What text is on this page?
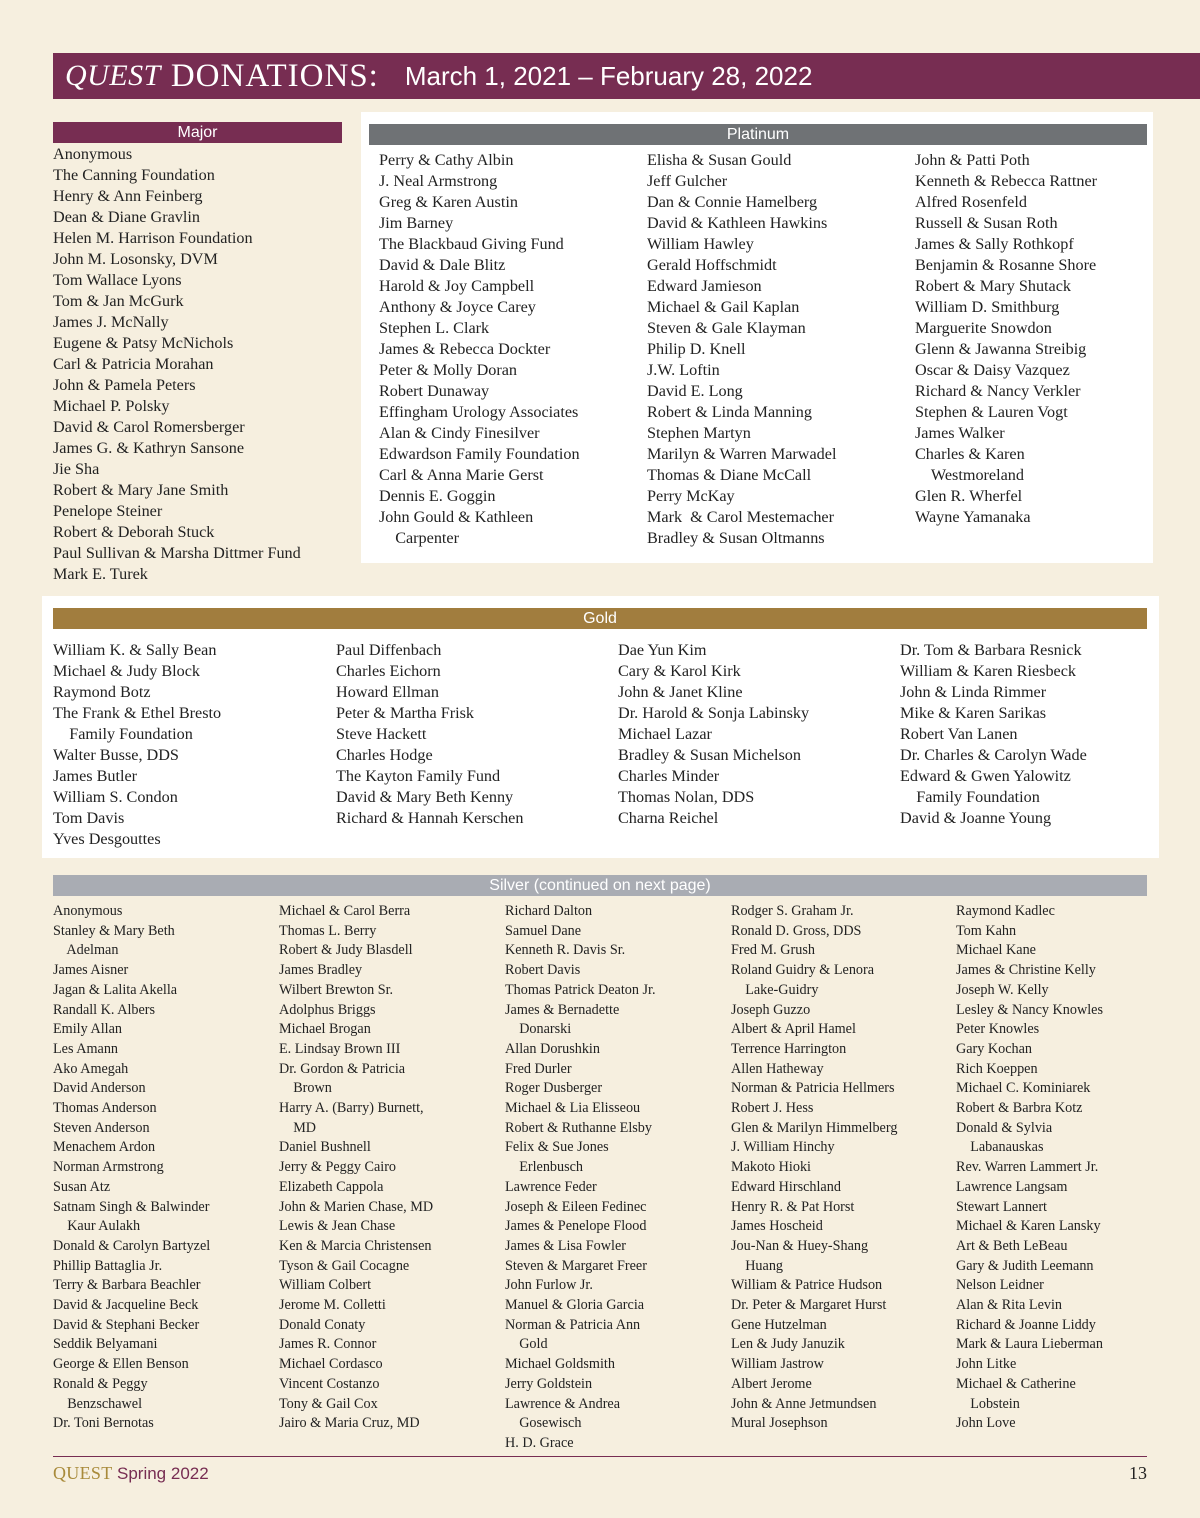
QUEST DONATIONS: March 1, 2021 – February 28, 2022
Major
Anonymous
The Canning Foundation
Henry & Ann Feinberg
Dean & Diane Gravlin
Helen M. Harrison Foundation
John M. Losonsky, DVM
Tom Wallace Lyons
Tom & Jan McGurk
James J. McNally
Eugene & Patsy McNichols
Carl & Patricia Morahan
John & Pamela Peters
Michael P. Polsky
David & Carol Romersberger
James G. & Kathryn Sansone
Jie Sha
Robert & Mary Jane Smith
Penelope Steiner
Robert & Deborah Stuck
Paul Sullivan & Marsha Dittmer Fund
Mark E. Turek
Platinum
Perry & Cathy Albin
J. Neal Armstrong
Greg & Karen Austin
Jim Barney
The Blackbaud Giving Fund
David & Dale Blitz
Harold & Joy Campbell
Anthony & Joyce Carey
Stephen L. Clark
James & Rebecca Dockter
Peter & Molly Doran
Robert Dunaway
Effingham Urology Associates
Alan & Cindy Finesilver
Edwardson Family Foundation
Carl & Anna Marie Gerst
Dennis E. Goggin
John Gould & Kathleen
Carpenter
Elisha & Susan Gould
Jeff Gulcher
Dan & Connie Hamelberg
David & Kathleen Hawkins
William Hawley
Gerald Hoffschmidt
Edward Jamieson
Michael & Gail Kaplan
Steven & Gale Klayman
Philip D. Knell
J.W. Loftin
David E. Long
Robert & Linda Manning
Stephen Martyn
Marilyn & Warren Marwadel
Thomas & Diane McCall
Perry McKay
Mark  & Carol Mestemacher
Bradley & Susan Oltmanns
John & Patti Poth
Kenneth & Rebecca Rattner
Alfred Rosenfeld
Russell & Susan Roth
James & Sally Rothkopf
Benjamin & Rosanne Shore
Robert & Mary Shutack
William D. Smithburg
Marguerite Snowdon
Glenn & Jawanna Streibig
Oscar & Daisy Vazquez
Richard & Nancy Verkler
Stephen & Lauren Vogt
James Walker
Charles & Karen
Westmoreland
Glen R. Wherfel
Wayne Yamanaka
Gold
William K. & Sally Bean
Michael & Judy Block
Raymond Botz
The Frank & Ethel Bresto
Family Foundation
Walter Busse, DDS
James Butler
William S. Condon
Tom Davis
Yves Desgouttes
Paul Diffenbach
Charles Eichorn
Howard Ellman
Peter & Martha Frisk
Steve Hackett
Charles Hodge
The Kayton Family Fund
David & Mary Beth Kenny
Richard & Hannah Kerschen
Dae Yun Kim
Cary & Karol Kirk
John & Janet Kline
Dr. Harold & Sonja Labinsky
Michael Lazar
Bradley & Susan Michelson
Charles Minder
Thomas Nolan, DDS
Charna Reichel
Dr. Tom & Barbara Resnick
William & Karen Riesbeck
John & Linda Rimmer
Mike & Karen Sarikas
Robert Van Lanen
Dr. Charles & Carolyn Wade
Edward & Gwen Yalowitz
Family Foundation
David & Joanne Young
Silver (continued on next page)
Anonymous
Stanley & Mary Beth
Adelman
James Aisner
Jagan & Lalita Akella
Randall K. Albers
Emily Allan
Les Amann
Ako Amegah
David Anderson
Thomas Anderson
Steven Anderson
Menachem Ardon
Norman Armstrong
Susan Atz
Satnam Singh & Balwinder
Kaur Aulakh
Donald & Carolyn Bartyzel
Phillip Battaglia Jr.
Terry & Barbara Beachler
David & Jacqueline Beck
David & Stephani Becker
Seddik Belyamani
George & Ellen Benson
Ronald & Peggy
Benzschawel
Dr. Toni Bernotas
Michael & Carol Berra
Thomas L. Berry
Robert & Judy Blasdell
James Bradley
Wilbert Brewton Sr.
Adolphus Briggs
Michael Brogan
E. Lindsay Brown III
Dr. Gordon & Patricia
Brown
Harry A. (Barry) Burnett,
MD
Daniel Bushnell
Jerry & Peggy Cairo
Elizabeth Cappola
John & Marien Chase, MD
Lewis & Jean Chase
Ken & Marcia Christensen
Tyson & Gail Cocagne
William Colbert
Jerome M. Colletti
Donald Conaty
James R. Connor
Michael Cordasco
Vincent Costanzo
Tony & Gail Cox
Jairo & Maria Cruz, MD
Richard Dalton
Samuel Dane
Kenneth R. Davis Sr.
Robert Davis
Thomas Patrick Deaton Jr.
James & Bernadette
Donarski
Allan Dorushkin
Fred Durler
Roger Dusberger
Michael & Lia Elisseou
Robert & Ruthanne Elsby
Felix & Sue Jones
Erlenbusch
Lawrence Feder
Joseph & Eileen Fedinec
James & Penelope Flood
James & Lisa Fowler
Steven & Margaret Freer
John Furlow Jr.
Manuel & Gloria Garcia
Norman & Patricia Ann
Gold
Michael Goldsmith
Jerry Goldstein
Lawrence & Andrea
Gosewisch
H. D. Grace
Rodger S. Graham Jr.
Ronald D. Gross, DDS
Fred M. Grush
Roland Guidry & Lenora
Lake-Guidry
Joseph Guzzo
Albert & April Hamel
Terrence Harrington
Allen Hatheway
Norman & Patricia Hellmers
Robert J. Hess
Glen & Marilyn Himmelberg
J. William Hinchy
Makoto Hioki
Edward Hirschland
Henry R. & Pat Horst
James Hoscheid
Jou-Nan & Huey-Shang
Huang
William & Patrice Hudson
Dr. Peter & Margaret Hurst
Gene Hutzelman
Len & Judy Januzik
William Jastrow
Albert Jerome
John & Anne Jetmundsen
Mural Josephson
Raymond Kadlec
Tom Kahn
Michael Kane
James & Christine Kelly
Joseph W. Kelly
Lesley & Nancy Knowles
Peter Knowles
Gary Kochan
Rich Koeppen
Michael C. Kominiarek
Robert & Barbra Kotz
Donald & Sylvia
Labanauskas
Rev. Warren Lammert Jr.
Lawrence Langsam
Stewart Lannert
Michael & Karen Lansky
Art & Beth LeBeau
Gary & Judith Leemann
Nelson Leidner
Alan & Rita Levin
Richard & Joanne Liddy
Mark & Laura Lieberman
John Litke
Michael & Catherine
Lobstein
John Love
QUEST Spring 2022	13
